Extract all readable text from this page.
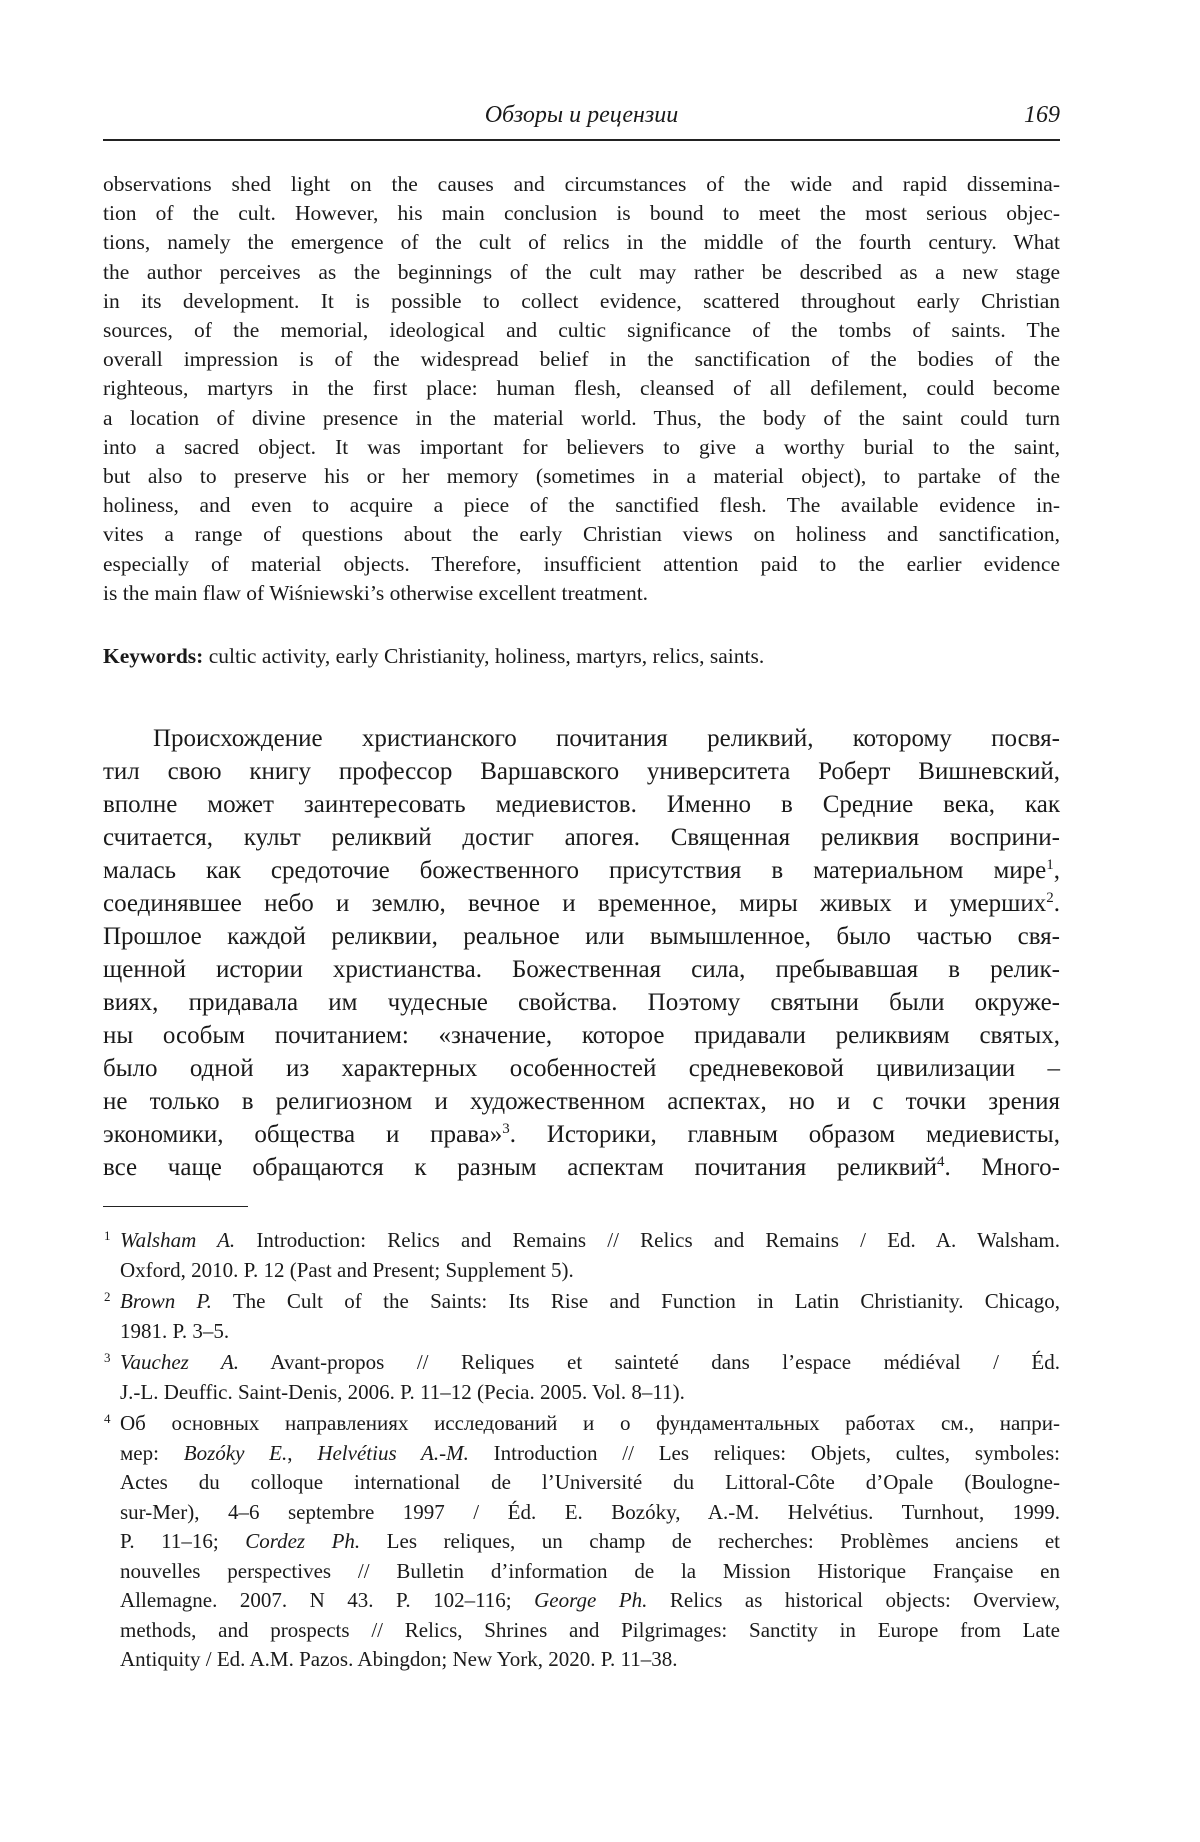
Обзоры и рецензии	169
observations shed light on the causes and circumstances of the wide and rapid dissemina-
tion of the cult. However, his main conclusion is bound to meet the most serious objec-
tions, namely the emergence of the cult of relics in the middle of the fourth century. What
the author perceives as the beginnings of the cult may rather be described as a new stage
in its development. It is possible to collect evidence, scattered throughout early Christian
sources, of the memorial, ideological and cultic significance of the tombs of saints. The
overall impression is of the widespread belief in the sanctification of the bodies of the
righteous, martyrs in the first place: human flesh, cleansed of all defilement, could become
a location of divine presence in the material world. Thus, the body of the saint could turn
into a sacred object. It was important for believers to give a worthy burial to the saint,
but also to preserve his or her memory (sometimes in a material object), to partake of the
holiness, and even to acquire a piece of the sanctified flesh. The available evidence in-
vites a range of questions about the early Christian views on holiness and sanctification,
especially of material objects. Therefore, insufficient attention paid to the earlier evidence
is the main flaw of Wiśniewski’s otherwise excellent treatment.
Keywords: cultic activity, early Christianity, holiness, martyrs, relics, saints.
Происхождение христианского почитания реликвий, которому посвя-
тил свою книгу профессор Варшавского университета Роберт Вишневский,
вполне может заинтересовать медиевистов. Именно в Средние века, как
считается, культ реликвий достиг апогея. Священная реликвия восприни-
малась как средоточие божественного присутствия в материальном мире$^1$,
соединявшее небо и землю, вечное и временное, миры живых и умерших$^2$.
Прошлое каждой реликвии, реальное или вымышленное, было частью свя-
щенной истории христианства. Божественная сила, пребывавшая в релик-
виях, придавала им чудесные свойства. Поэтому святыни были окруже-
ны особым почитанием: «значение, которое придавали реликвиям святых,
было одной из характерных особенностей средневековой цивилизации –
не только в религиозном и художественном аспектах, но и с точки зрения
экономики, общества и права»$^3$. Историки, главным образом медиевисты,
все чаще обращаются к разным аспектам почитания реликвий$^4$. Много-
1 Walsham A. Introduction: Relics and Remains // Relics and Remains / Ed. A. Walsham.
Oxford, 2010. P. 12 (Past and Present; Supplement 5).
2 Brown P. The Cult of the Saints: Its Rise and Function in Latin Christianity. Chicago,
1981. P. 3–5.
3 Vauchez A. Avant-propos // Reliques et sainteté dans l’espace médiéval / Éd.
J.-L. Deuffic. Saint-Denis, 2006. P. 11–12 (Pecia. 2005. Vol. 8–11).
4 Об основных направлениях исследований и о фундаментальных работах см., напри-
мер: Bozóky E., Helvétius A.-M. Introduction // Les reliques: Objets, cultes, symboles:
Actes du colloque international de l’Université du Littoral-Côte d’Opale (Boulogne-
sur-Mer), 4–6 septembre 1997 / Éd. E. Bozóky, A.-M. Helvétius. Turnhout, 1999.
P. 11–16; Cordez Ph. Les reliques, un champ de recherches: Problèmes anciens et
nouvelles perspectives // Bulletin d’information de la Mission Historique Française en
Allemagne. 2007. N 43. P. 102–116; George Ph. Relics as historical objects: Overview,
methods, and prospects // Relics, Shrines and Pilgrimages: Sanctity in Europe from Late
Antiquity / Ed. A.M. Pazos. Abingdon; New York, 2020. P. 11–38.
